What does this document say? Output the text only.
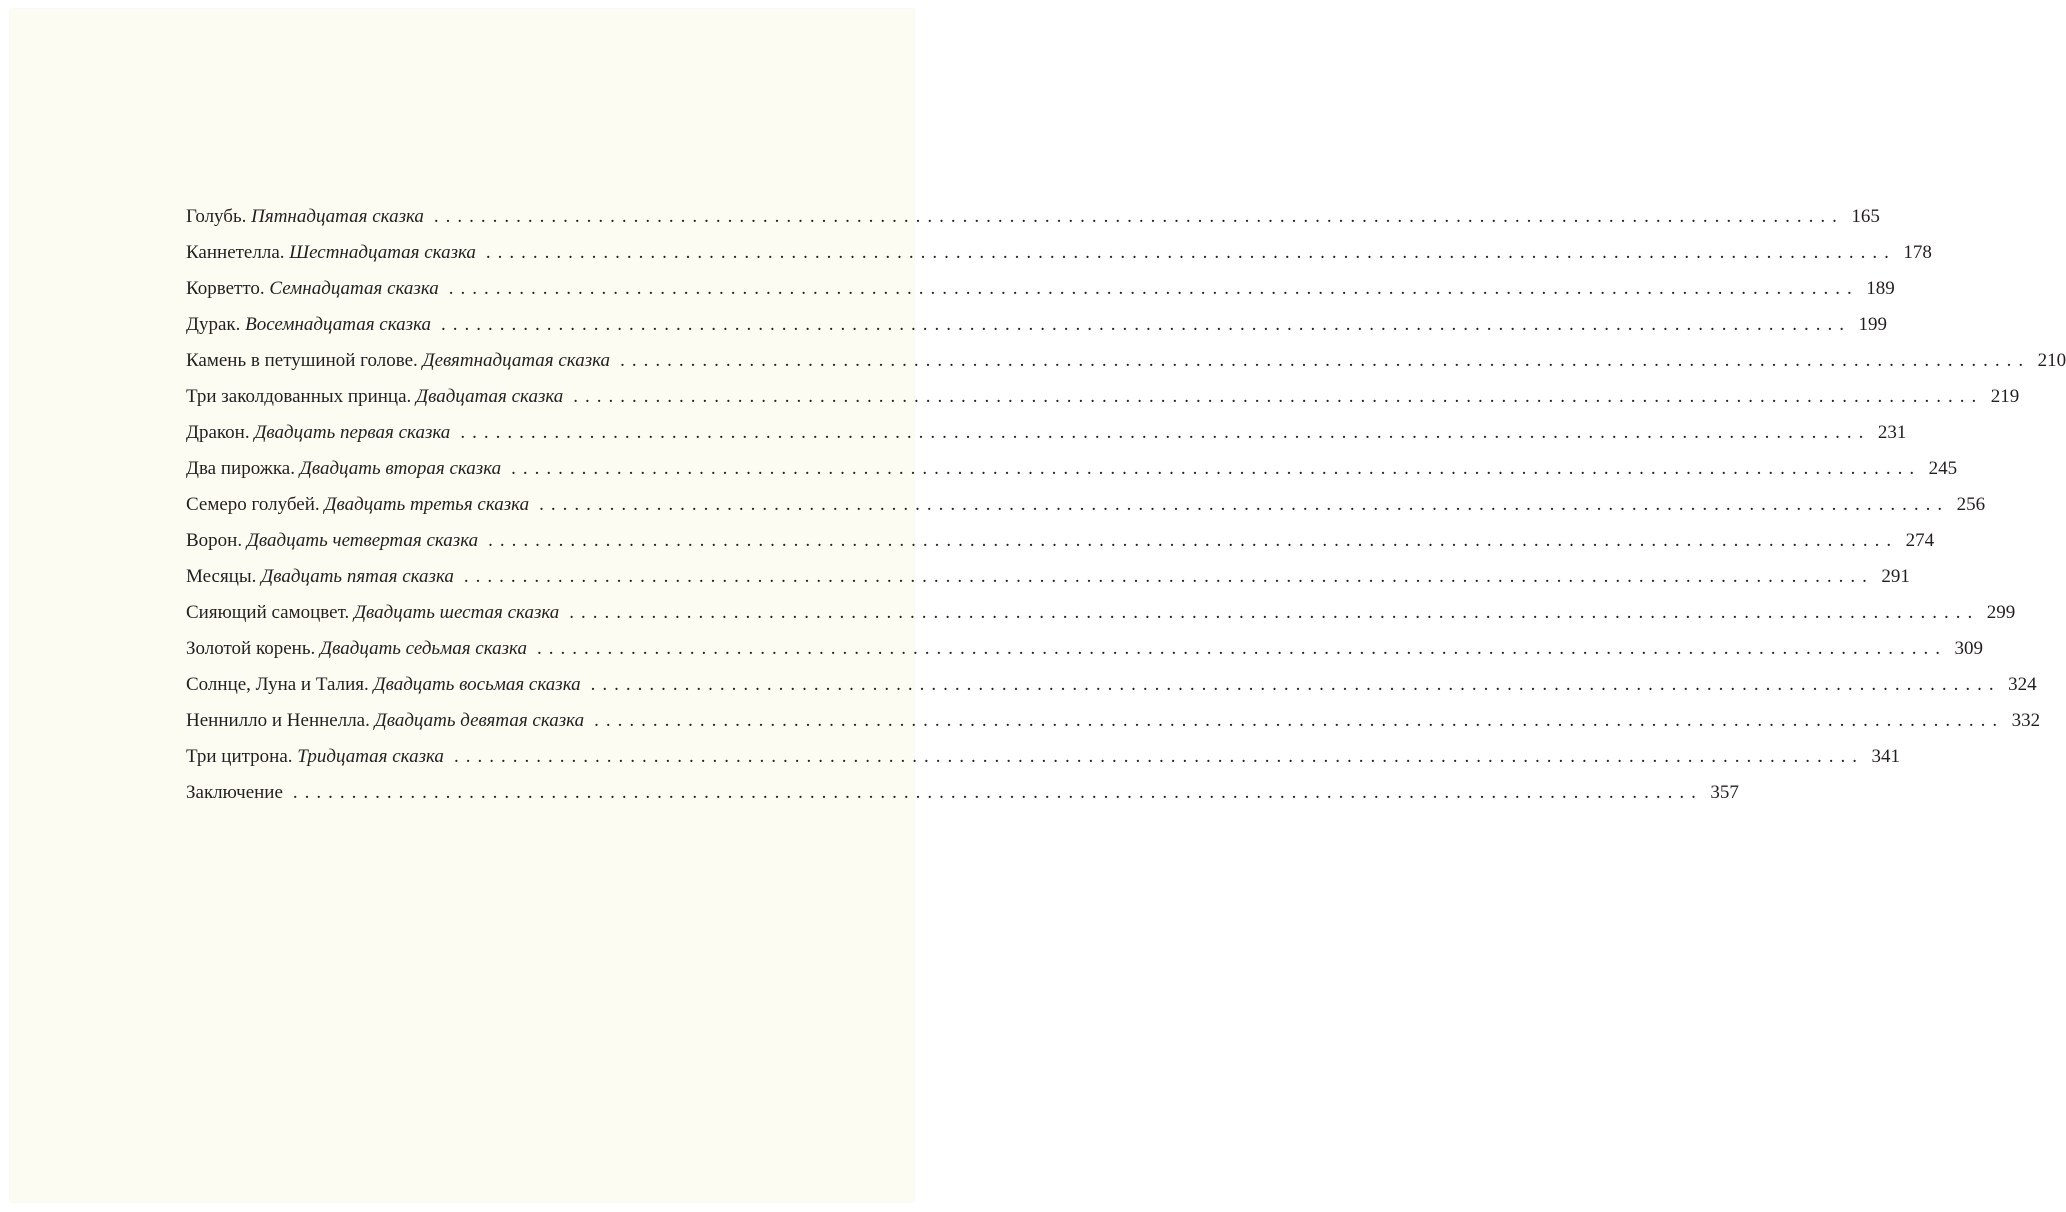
Голубь. Пятнадцатая сказка ........................................................................................................................ 165
Каннетелла. Шестнадцатая сказка ........................................................................................................................ 178
Корветто. Семнадцатая сказка ........................................................................................................................ 189
Дурак. Восемнадцатая сказка ........................................................................................................................ 199
Камень в петушиной голове. Девятнадцатая сказка ........................................................................................................................ 210
Три заколдованных принца. Двадцатая сказка ........................................................................................................................ 219
Дракон. Двадцать первая сказка ........................................................................................................................ 231
Два пирожка. Двадцать вторая сказка ........................................................................................................................ 245
Семеро голубей. Двадцать третья сказка ........................................................................................................................ 256
Ворон. Двадцать четвертая сказка ........................................................................................................................ 274
Месяцы. Двадцать пятая сказка ........................................................................................................................ 291
Сияющий самоцвет. Двадцать шестая сказка ........................................................................................................................ 299
Золотой корень. Двадцать седьмая сказка ........................................................................................................................ 309
Солнце, Луна и Талия. Двадцать восьмая сказка ........................................................................................................................ 324
Неннилло и Неннелла. Двадцать девятая сказка ........................................................................................................................ 332
Три цитрона. Тридцатая сказка ........................................................................................................................ 341
Заключение ........................................................................................................................ 357
